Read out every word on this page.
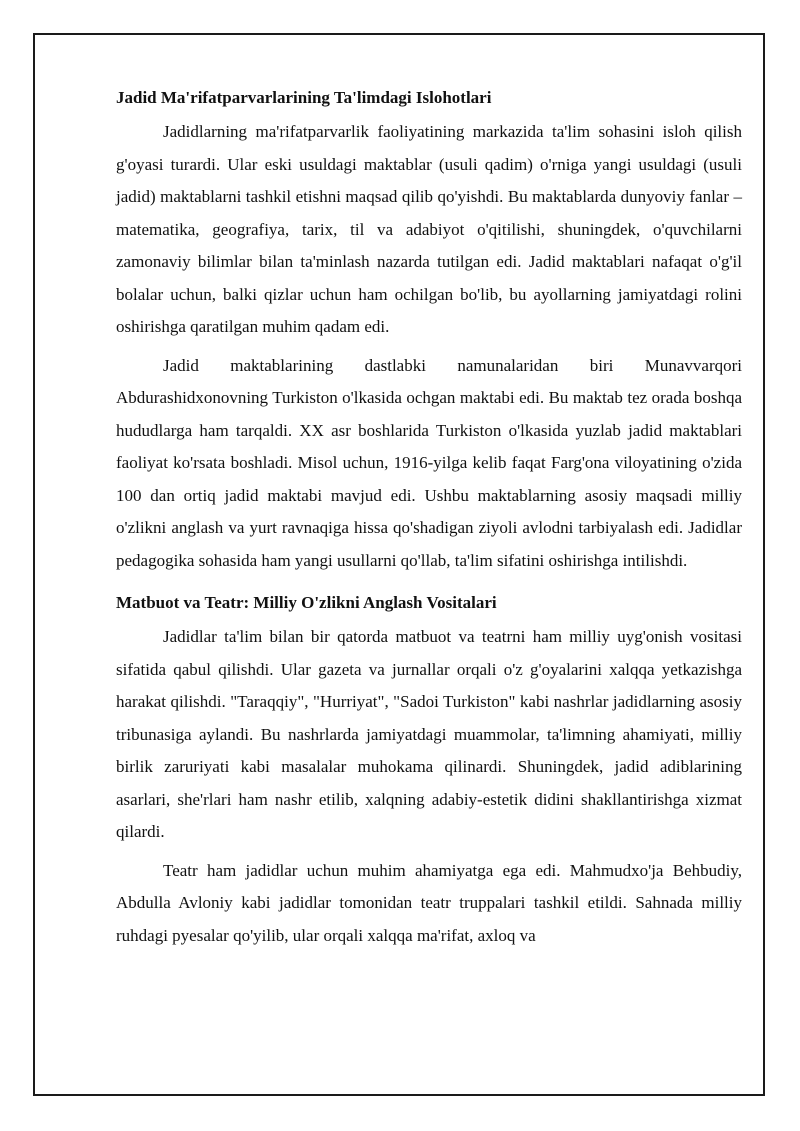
Jadid Ma'rifatparvarlarining Ta'limdagi Islohotlari

Jadidlarning ma'rifatparvarlik faoliyatining markazida ta'lim sohasini isloh qilish g'oyasi turardi. Ular eski usuldagi maktablar (usuli qadim) o'rniga yangi usuldagi (usuli jadid) maktablarni tashkil etishni maqsad qilib qo'yishdi. Bu maktablarda dunyoviy fanlar – matematika, geografiya, tarix, til va adabiyot o'qitilishi, shuningdek, o'quvchilarni zamonaviy bilimlar bilan ta'minlash nazarda tutilgan edi. Jadid maktablari nafaqat o'g'il bolalar uchun, balki qizlar uchun ham ochilgan bo'lib, bu ayollarning jamiyatdagi rolini oshirishga qaratilgan muhim qadam edi.

Jadid maktablarining dastlabki namunalaridan biri Munavvarqori Abdurashidxonovning Turkiston o'lkasida ochgan maktabi edi. Bu maktab tez orada boshqa hududlarga ham tarqaldi. XX asr boshlarida Turkiston o'lkasida yuzlab jadid maktablari faoliyat ko'rsata boshladi. Misol uchun, 1916-yilga kelib faqat Farg'ona viloyatining o'zida 100 dan ortiq jadid maktabi mavjud edi. Ushbu maktablarning asosiy maqsadi milliy o'zlikni anglash va yurt ravnaqiga hissa qo'shadigan ziyoli avlodni tarbiyalash edi. Jadidlar pedagogika sohasida ham yangi usullarni qo'llab, ta'lim sifatini oshirishga intilishdi.

Matbuot va Teatr: Milliy O'zlikni Anglash Vositalari

Jadidlar ta'lim bilan bir qatorda matbuot va teatrni ham milliy uyg'onish vositasi sifatida qabul qilishdi. Ular gazeta va jurnallar orqali o'z g'oyalarini xalqqa yetkazishga harakat qilishdi. "Taraqqiy", "Hurriyat", "Sadoi Turkiston" kabi nashrlar jadidlarning asosiy tribunasiga aylandi. Bu nashrlarda jamiyatdagi muammolar, ta'limning ahamiyati, milliy birlik zaruriyati kabi masalalar muhokama qilinardi. Shuningdek, jadid adiblarining asarlari, she'rlari ham nashr etilib, xalqning adabiy-estetik didini shakllantirishga xizmat qilardi.

Teatr ham jadidlar uchun muhim ahamiyatga ega edi. Mahmudxo'ja Behbudiy, Abdulla Avloniy kabi jadidlar tomonidan teatr truppalari tashkil etildi. Sahnada milliy ruhdagi pyesalar qo'yilib, ular orqali xalqqa ma'rifat, axloq va
